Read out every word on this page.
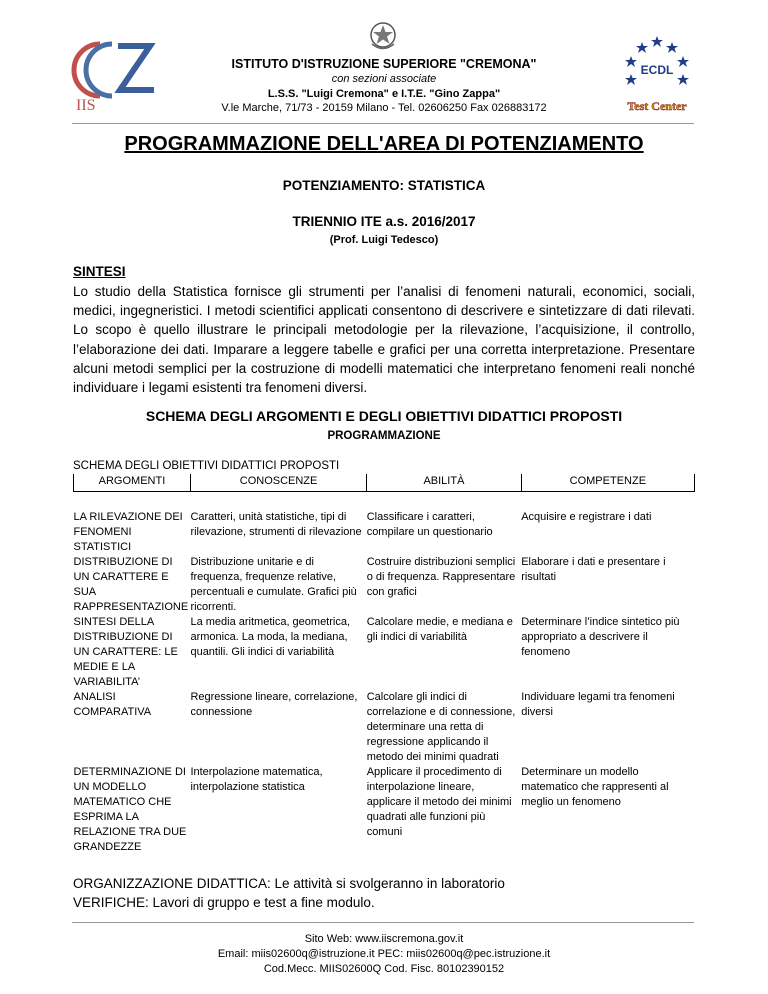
IIS
ECDL
Test Center
ISTITUTO D'ISTRUZIONE SUPERIORE "CREMONA"
con sezioni associate
L.S.S. "Luigi Cremona" e I.T.E. "Gino Zappa"
V.le Marche, 71/73 - 20159 Milano - Tel. 02606250 Fax 026883172
PROGRAMMAZIONE DELL'AREA DI POTENZIAMENTO
POTENZIAMENTO: STATISTICA
TRIENNIO ITE a.s. 2016/2017
(Prof. Luigi Tedesco)
SINTESI
Lo studio della Statistica fornisce gli strumenti per l’analisi di fenomeni naturali, economici, sociali, medici, ingegneristici. I metodi scientifici applicati consentono di descrivere e sintetizzare di dati rilevati. Lo scopo è quello illustrare le principali metodologie per la rilevazione, l’acquisizione, il controllo, l’elaborazione dei dati. Imparare a leggere tabelle e grafici per una corretta interpretazione. Presentare alcuni metodi semplici per la costruzione di modelli matematici che interpretano fenomeni reali nonché individuare i legami esistenti tra fenomeni diversi.
SCHEMA DEGLI ARGOMENTI E DEGLI OBIETTIVI DIDATTICI PROPOSTI
PROGRAMMAZIONE
SCHEMA DEGLI OBIETTIVI DIDATTICI PROPOSTI
ARGOMENTI	CONOSCENZE	ABILITÀ	COMPETENZE

LA RILEVAZIONE DEI FENOMENI STATISTICI	Caratteri, unità statistiche, tipi di rilevazione, strumenti di rilevazione	Classificare i caratteri, compilare un questionario	Acquisire e registrare i dati
DISTRIBUZIONE DI UN CARATTERE E SUA RAPPRESENTAZIONE	Distribuzione unitarie e di frequenza, frequenze relative, percentuali e cumulate. Grafici più ricorrenti.	Costruire distribuzioni semplici o di frequenza. Rappresentare con grafici	Elaborare i dati e presentare i risultati
SINTESI DELLA DISTRIBUZIONE DI UN CARATTERE: LE MEDIE E LA VARIABILITA’	La media aritmetica, geometrica, armonica. La moda, la mediana, quantili. Gli indici di variabilità	Calcolare medie, e mediana e gli indici di variabilità	Determinare l’indice sintetico più appropriato a descrivere il fenomeno
ANALISI COMPARATIVA	Regressione lineare, correlazione, connessione	Calcolare gli indici di correlazione e di connessione, determinare una retta di regressione applicando il metodo dei minimi quadrati	Individuare legami tra fenomeni diversi
DETERMINAZIONE DI UN MODELLO MATEMATICO CHE ESPRIMA LA RELAZIONE TRA DUE GRANDEZZE	Interpolazione matematica, interpolazione statistica	Applicare il procedimento di interpolazione lineare, applicare il metodo dei minimi quadrati alle funzioni più comuni	Determinare un modello matematico che rappresenti al meglio un fenomeno
ORGANIZZAZIONE DIDATTICA: Le attività si svolgeranno in laboratorio
VERIFICHE: Lavori di gruppo e test a fine modulo.
Sito Web: www.iiscremona.gov.it
Email: miis02600q@istruzione.it PEC: miis02600q@pec.istruzione.it
Cod.Mecc. MIIS02600Q Cod. Fisc. 80102390152
